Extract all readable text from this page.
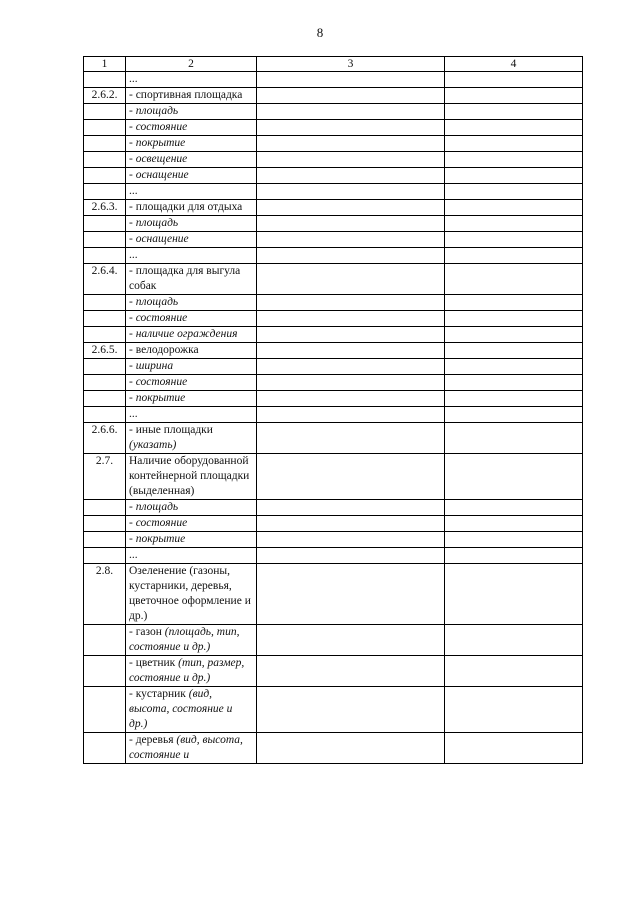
8
1	2	3	4
	...		
2.6.2.	- спортивная площадка		
	- площадь		
	- состояние		
	- покрытие		
	- освещение		
	- оснащение		
	...		
2.6.3.	- площадки для отдыха		
	- площадь		
	- оснащение		
	...		
2.6.4.	- площадка для выгула собак		
	- площадь		
	- состояние		
	- наличие ограждения		
2.6.5.	- велодорожка		
	- ширина		
	- состояние		
	- покрытие		
	...		
2.6.6.	- иные площадки (указать)		
2.7.	Наличие оборудованной контейнерной площадки (выделенная)		
	- площадь		
	- состояние		
	- покрытие		
	...		
2.8.	Озеленение (газоны, кустарники, деревья, цветочное оформление и др.)		
	- газон (площадь, тип, состояние и др.)		
	- цветник (тип, размер, состояние и др.)		
	- кустарник (вид, высота, состояние и др.)		
	- деревья (вид, высота, состояние и		
